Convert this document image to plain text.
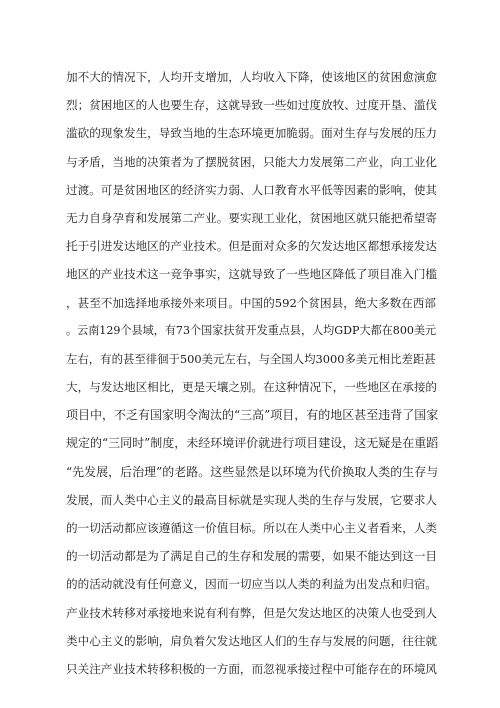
加不大的情况下，人均开支增加，人均收入下降，使该地区的贫困愈演愈
烈；贫困地区的人也要生存，这就导致一些如过度放牧、过度开垦、滥伐
滥砍的现象发生，导致当地的生态环境更加脆弱。面对生存与发展的压力
与矛盾，当地的决策者为了摆脱贫困，只能大力发展第二产业，向工业化
过渡。可是贫困地区的经济实力弱、人口教育水平低等因素的影响，使其
无力自身孕育和发展第二产业。要实现工业化，贫困地区就只能把希望寄
托于引进发达地区的产业技术。但是面对众多的欠发达地区都想承接发达
地区的产业技术这一竞争事实，这就导致了一些地区降低了项目准入门槛
，甚至不加选择地承接外来项目。中国的592个贫困县，绝大多数在西部
。云南129个县域，有73个国家扶贫开发重点县，人均GDP大都在800美元
左右，有的甚至徘徊于500美元左右，与全国人均3000多美元相比差距甚
大，与发达地区相比，更是天壤之别。在这种情况下，一些地区在承接的
项目中，不乏有国家明令淘汰的“三高”项目，有的地区甚至违背了国家
规定的“三同时”制度，未经环境评价就进行项目建设，这无疑是在重蹈
“先发展，后治理”的老路。这些显然是以环境为代价换取人类的生存与
发展，而人类中心主义的最高目标就是实现人类的生存与发展，它要求人
的一切活动都应该遵循这一价值目标。所以在人类中心主义者看来，人类
的一切活动都是为了满足自己的生存和发展的需要，如果不能达到这一目
的的活动就没有任何意义，因而一切应当以人类的利益为出发点和归宿。
产业技术转移对承接地来说有利有弊，但是欠发达地区的决策人也受到人
类中心主义的影响，肩负着欠发达地区人们的生存与发展的问题，往往就
只关注产业技术转移积极的一方面，而忽视承接过程中可能存在的环境风
